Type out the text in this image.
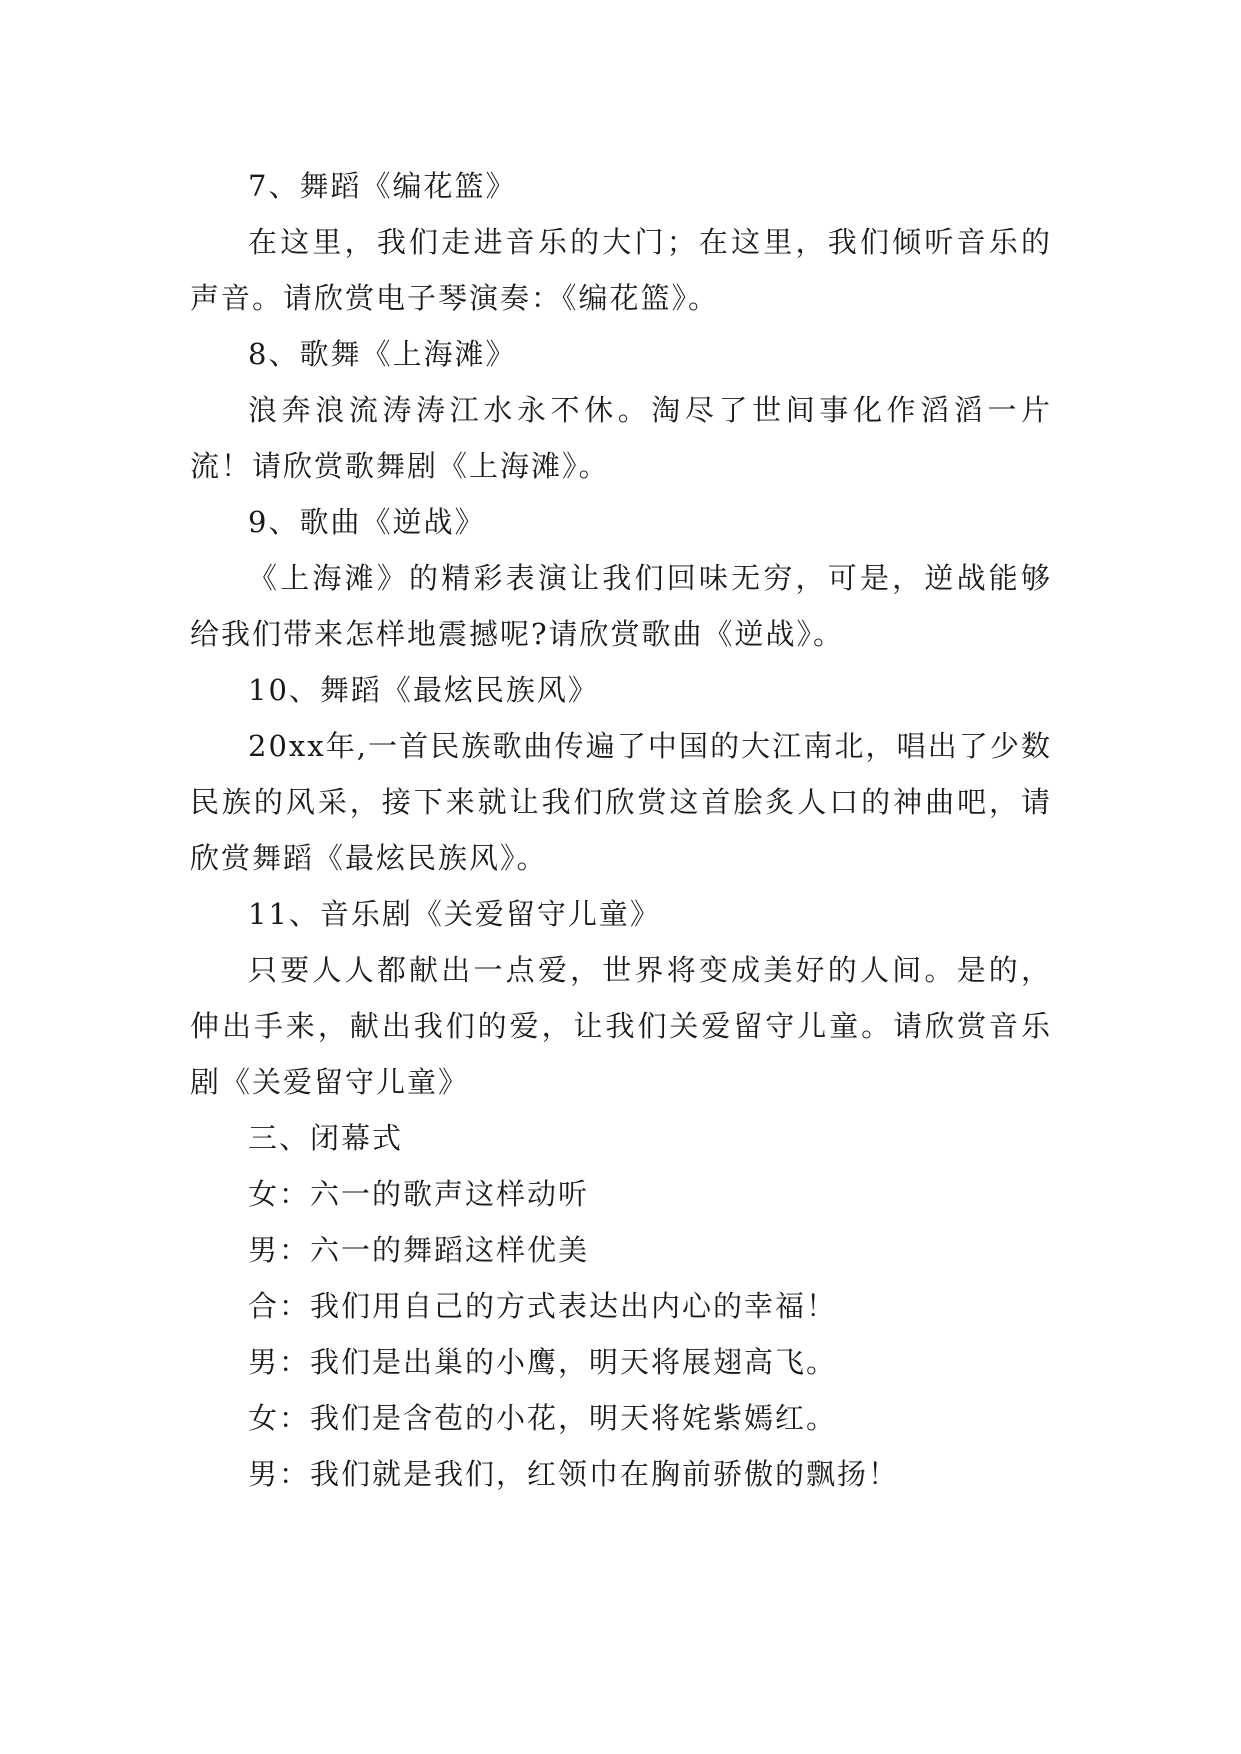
7、舞蹈《编花篮》

在这里，我们走进音乐的大门；在这里，我们倾听音乐的声音。请欣赏电子琴演奏：《编花篮》。

8、歌舞《上海滩》

浪奔浪流涛涛江水永不休。淘尽了世间事化作滔滔一片流！请欣赏歌舞剧《上海滩》。

9、歌曲《逆战》

《上海滩》的精彩表演让我们回味无穷，可是，逆战能够给我们带来怎样地震撼呢?请欣赏歌曲《逆战》。

10、舞蹈《最炫民族风》

20xx年,一首民族歌曲传遍了中国的大江南北，唱出了少数民族的风采，接下来就让我们欣赏这首脍炙人口的神曲吧，请欣赏舞蹈《最炫民族风》。

11、音乐剧《关爱留守儿童》

只要人人都献出一点爱，世界将变成美好的人间。是的，伸出手来，献出我们的爱，让我们关爱留守儿童。请欣赏音乐剧《关爱留守儿童》

三、闭幕式

女：六一的歌声这样动听

男：六一的舞蹈这样优美

合：我们用自己的方式表达出内心的幸福！

男：我们是出巢的小鹰，明天将展翅高飞。

女：我们是含苞的小花，明天将姹紫嫣红。

男：我们就是我们，红领巾在胸前骄傲的飘扬！
